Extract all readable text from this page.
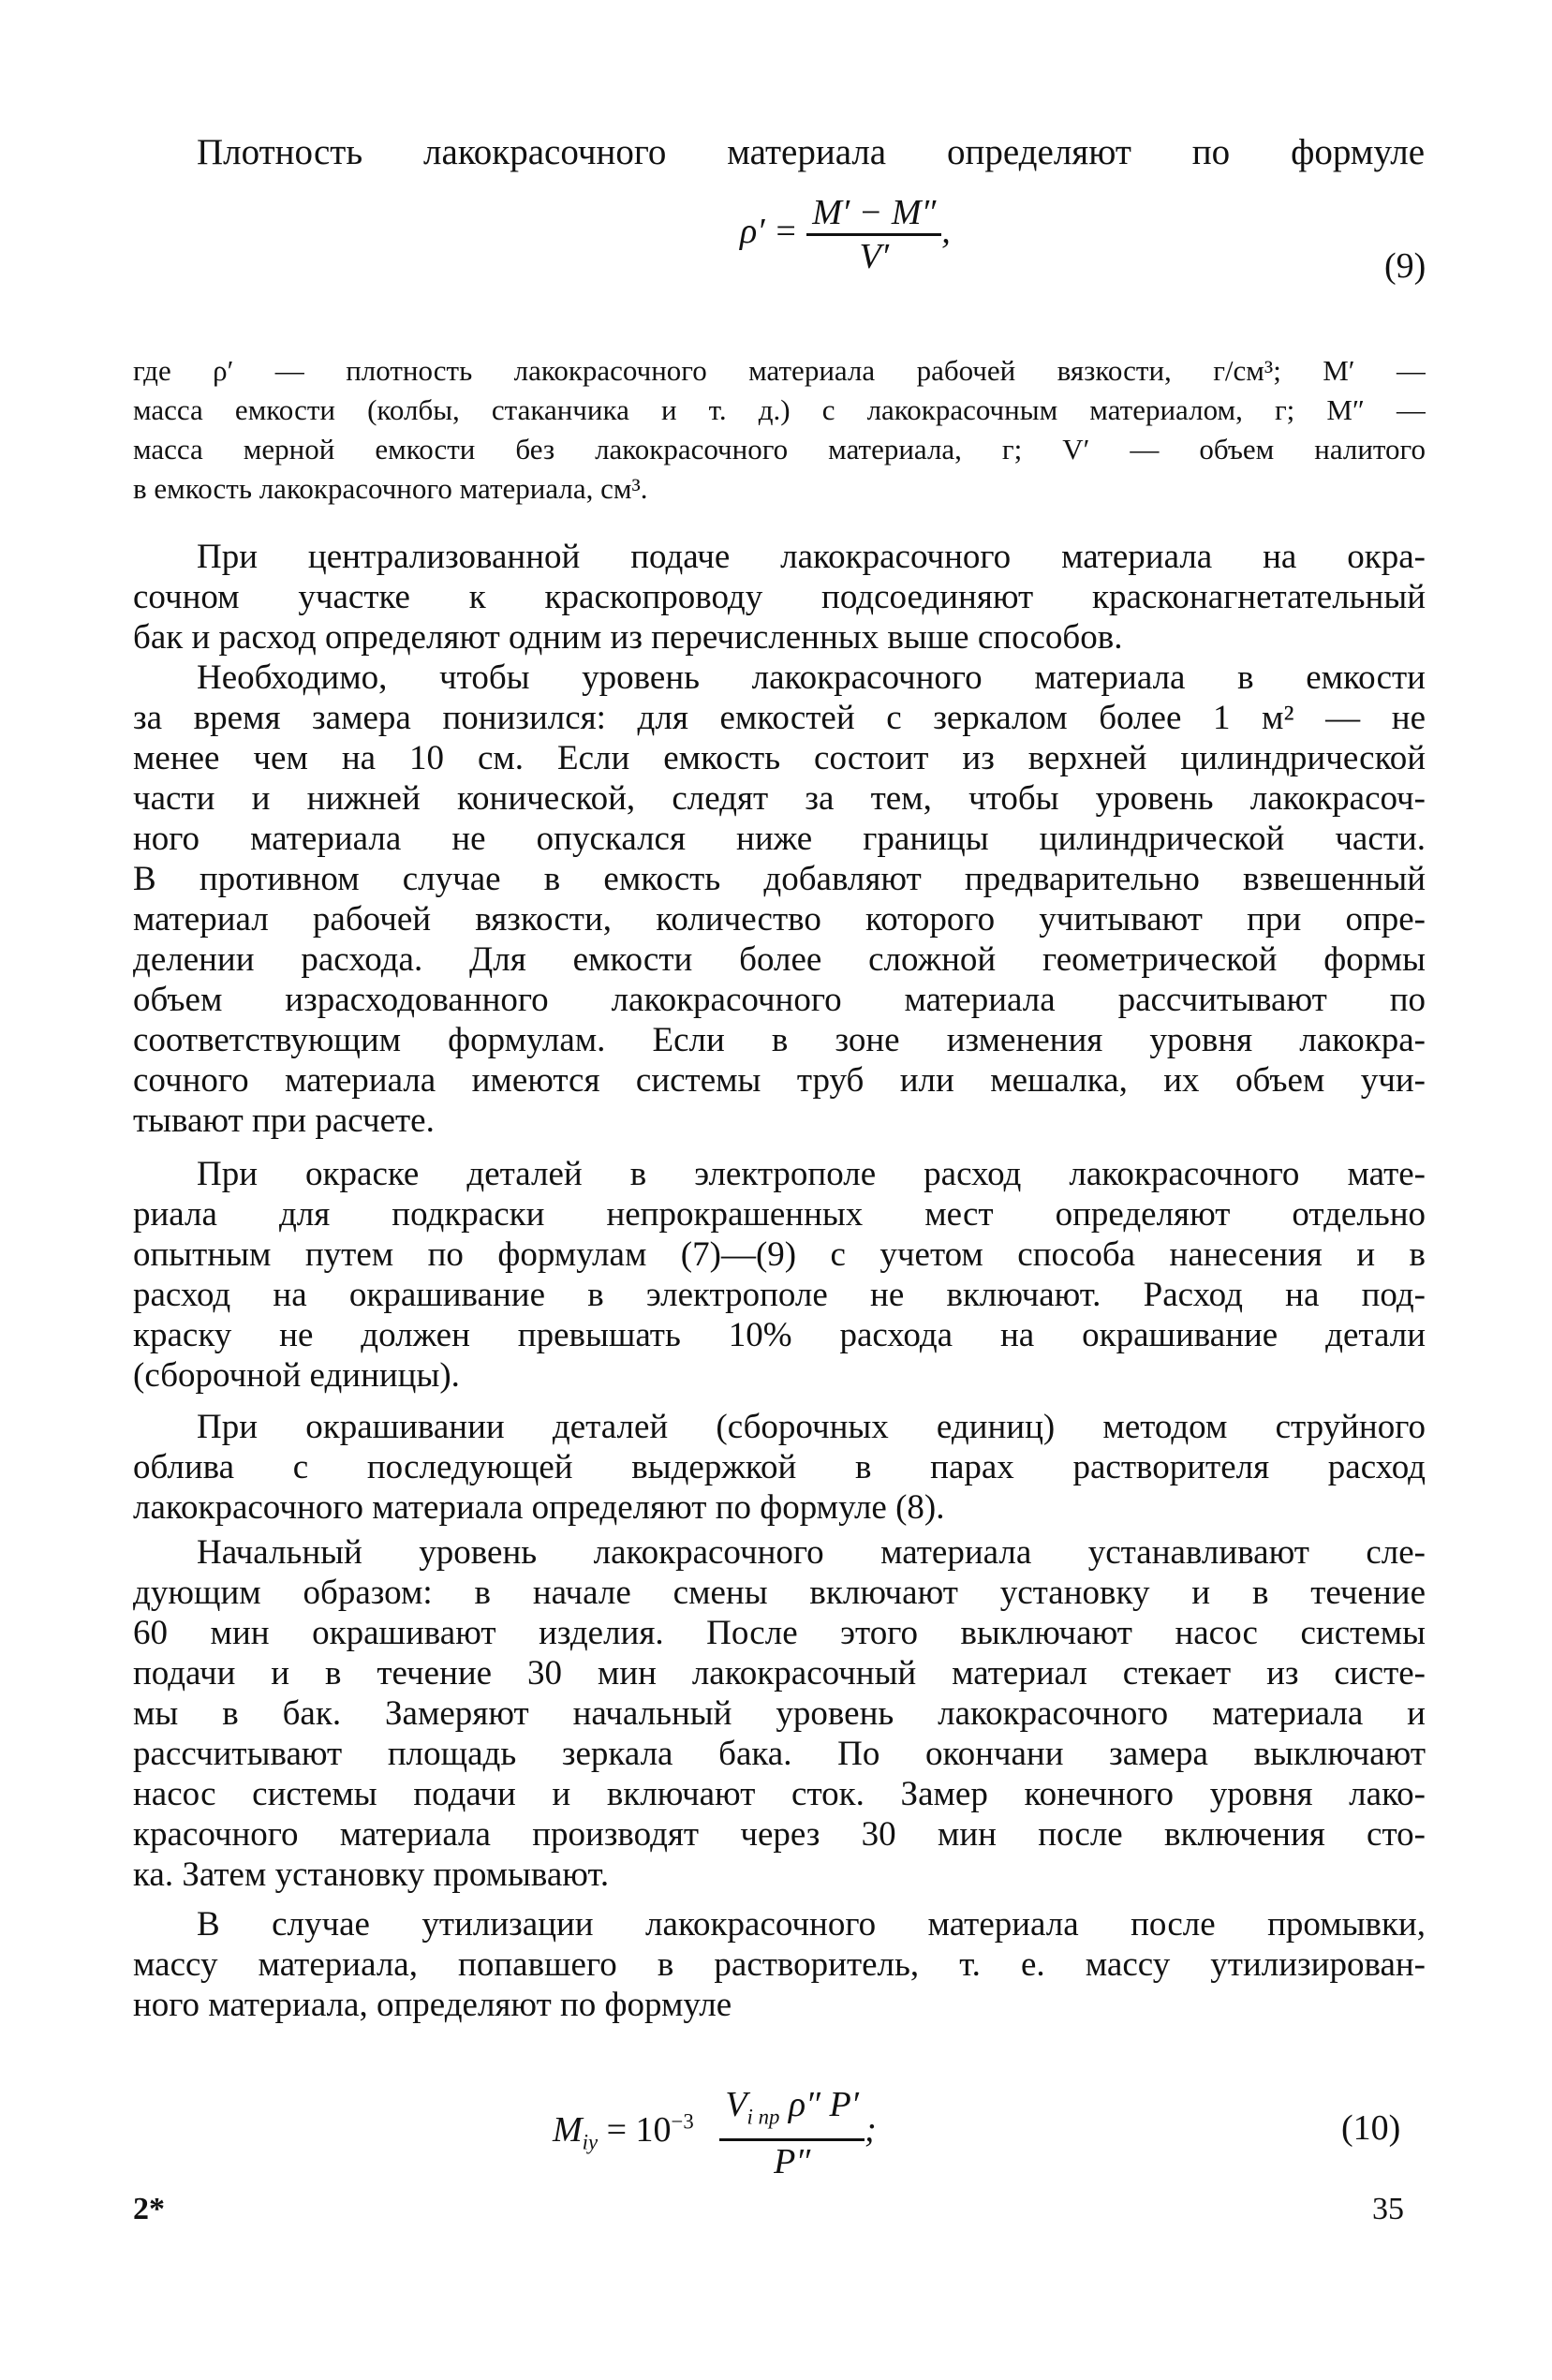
Плотность лакокрасочного материала определяют по формуле
$\rho' = \frac{M' - M''}{V'}$ ,
(9)
где ρ′ — плотность лакокрасочного материала рабочей вязкости, г/см³; M′ —
масса емкости (колбы, стаканчика и т. д.) с лакокрасочным материалом, г; M″ —
масса мерной емкости без лакокрасочного материала, г; V′ — объем налитого
в емкость лакокрасочного материала, см³.
При централизованной подаче лакокрасочного материала на окра-
сочном участке к краскопроводу подсоединяют красконагнетательный
бак и расход определяют одним из перечисленных выше способов.
Необходимо, чтобы уровень лакокрасочного материала в емкости
за время замера понизился: для емкостей с зеркалом более 1 м² — не
менее чем на 10 см. Если емкость состоит из верхней цилиндрической
части и нижней конической, следят за тем, чтобы уровень лакокрасоч-
ного материала не опускался ниже границы цилиндрической части.
В противном случае в емкость добавляют предварительно взвешенный
материал рабочей вязкости, количество которого учитывают при опре-
делении расхода. Для емкости более сложной геометрической формы
объем израсходованного лакокрасочного материала рассчитывают по
соответствующим формулам. Если в зоне изменения уровня лакокра-
сочного материала имеются системы труб или мешалка, их объем учи-
тывают при расчете.
При окраске деталей в электрополе расход лакокрасочного мате-
риала для подкраски непрокрашенных мест определяют отдельно
опытным путем по формулам (7)—(9) с учетом способа нанесения и в
расход на окрашивание в электрополе не включают. Расход на под-
краску не должен превышать 10% расхода на окрашивание детали
(сборочной единицы).
При окрашивании деталей (сборочных единиц) методом струйного
облива с последующей выдержкой в парах растворителя расход
лакокрасочного материала определяют по формуле (8).
Начальный уровень лакокрасочного материала устанавливают сле-
дующим образом: в начале смены включают установку и в течение
60 мин окрашивают изделия. После этого выключают насос системы
подачи и в течение 30 мин лакокрасочный материал стекает из систе-
мы в бак. Замеряют начальный уровень лакокрасочного материала и
рассчитывают площадь зеркала бака. По окончани замера выключают
насос системы подачи и включают сток. Замер конечного уровня лако-
красочного материала производят через 30 мин после включения сто-
ка. Затем установку промывают.
В случае утилизации лакокрасочного материала после промывки,
массу материала, попавшего в растворитель, т. е. массу утилизирован-
ного материала, определяют по формуле
$M_{iy} = 10^{-3} \frac{V_{i пр} \rho'' P'}{P''}$ ;	(10)
2*	35
